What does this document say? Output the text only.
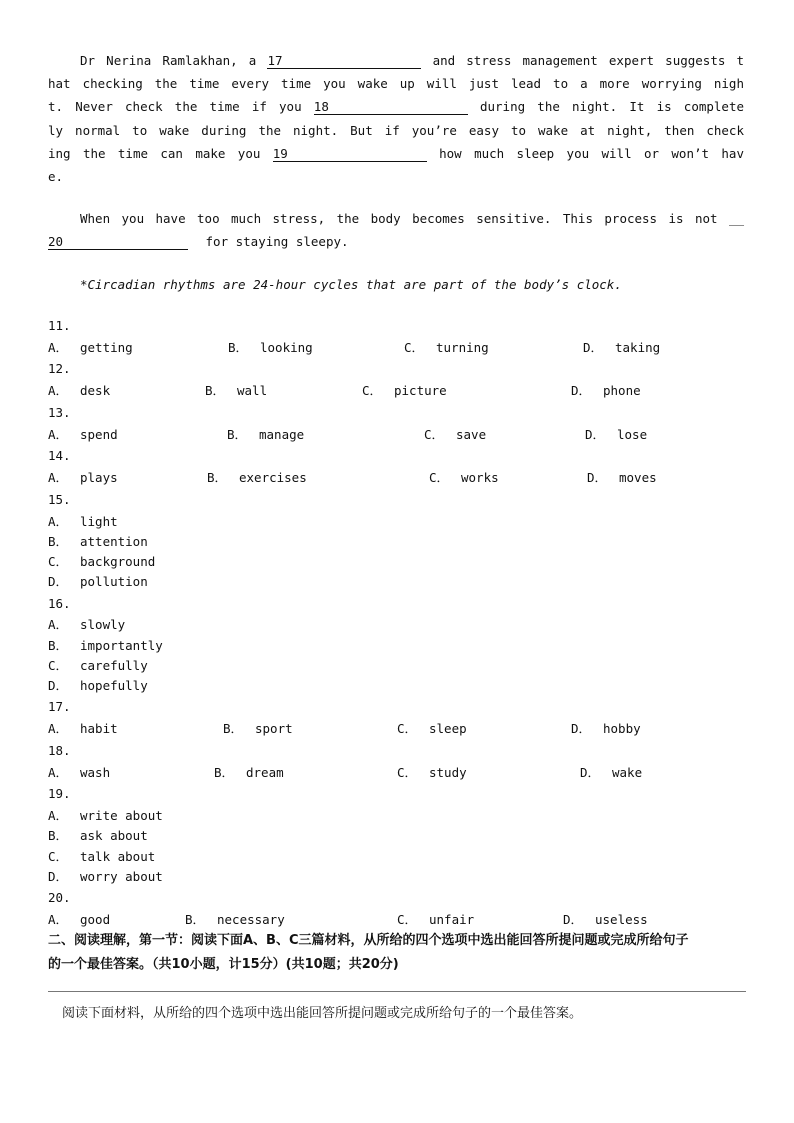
Dr Nerina Ramlakhan, a 17	and stress management expert suggests t
hat checking the time every time you wake up will just lead to a more worrying nigh
t. Never check the time if you 18	during the night. It is complete
ly normal to wake during the night. But if you’re easy to wake at night, then check
ing the time can make you 19	how much sleep you will or won’t hav
e.
When you have too much stress, the body becomes sensitive. This process is not __
20	for staying sleepy.
*Circadian rhythms are 24-hour cycles that are part of the body’s clock.
11.
A． getting	B． looking	C． turning	D． taking
12.
A． desk	B． wall	C． picture	D． phone
13.
A． spend	B． manage	C． save	D． lose
14.
A． plays	B． exercises	C． works	D． moves
15.
A． light
B． attention
C． background
D． pollution
16.
A． slowly
B． importantly
C． carefully
D． hopefully
17.
A． habit	B． sport	C． sleep	D． hobby
18.
A． wash	B． dream	C． study	D． wake
19.
A． write about
B． ask about
C． talk about
D． worry about
20.
A． good	B． necessary	C． unfair	D． useless
二、阅读理解，第一节：阅读下面A、B、C三篇材料，从所给的四个选项中选出能回答所提问题或完成所给句子
的一个最佳答案。（共10小题，计15分）(共10题；共20分)
阅读下面材料，从所给的四个选项中选出能回答所提问题或完成所给句子的一个最佳答案。
